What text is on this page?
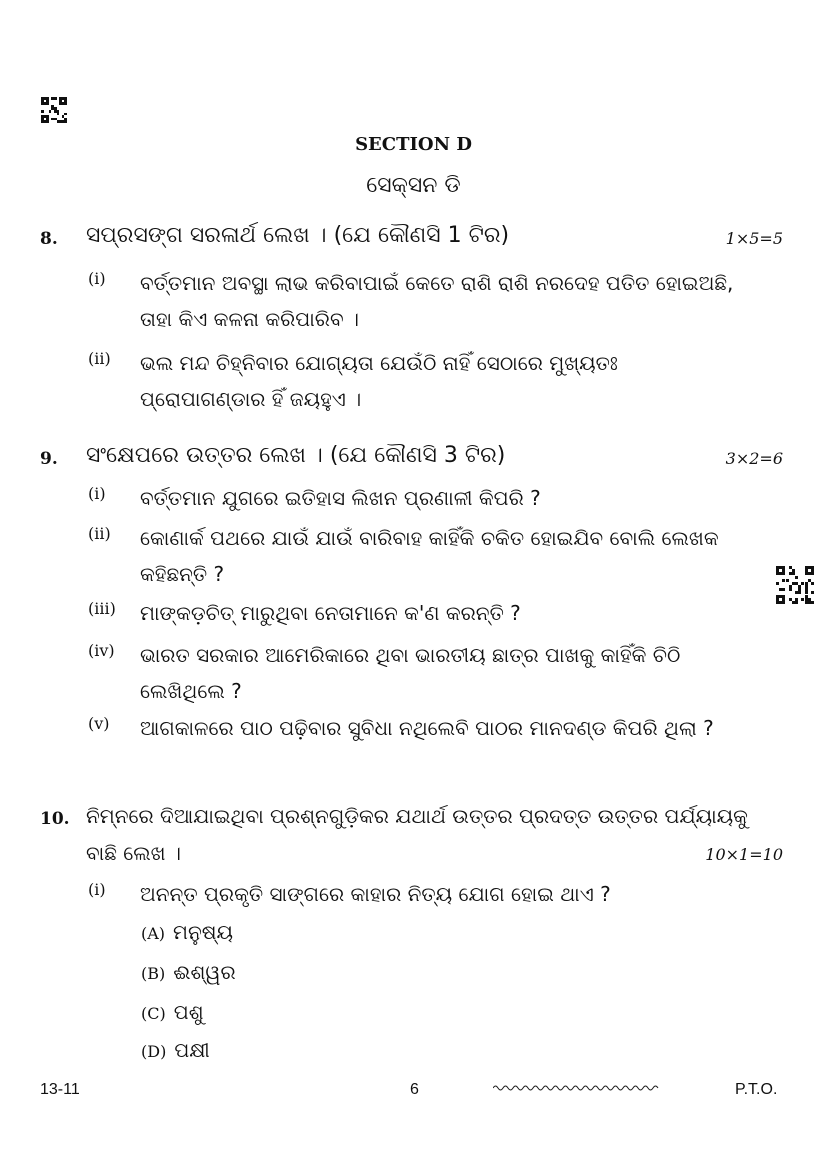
SECTION D
ସେକ୍ସନ ଡି
8. ସପ୍ରସଙ୍ଗ ସରଳାର୍ଥ ଲେଖ । (ଯେ କୌଣସି 1 ଟିର)	1×5=5
(i) ବର୍ତ୍ତମାନ ଅବସ୍ଥା ଲାଭ କରିବାପାଇଁ କେତେ ରାଶି ରାଶି ନରଦେହ ପତିତ ହୋଇଅଛି, ତାହା କିଏ କଳନା କରିପାରିବ ।
(ii) ଭଲ ମନ୍ଦ ଚିହ୍ନିବାର ଯୋଗ୍ୟତା ଯେଉଁଠି ନାହିଁ ସେଠାରେ ମୁଖ୍ୟତଃ ପ୍ରୋପାଗଣ୍ଡାର ହିଁ ଜୟହୁଏ ।
9. ସଂକ୍ଷେପରେ ଉତ୍ତର ଲେଖ । (ଯେ କୌଣସି 3 ଟିର)	3×2=6
(i) ବର୍ତ୍ତମାନ ଯୁଗରେ ଇତିହାସ ଲିଖନ ପ୍ରଣାଳୀ କିପରି ?
(ii) କୋଣାର୍କ ପଥରେ ଯାଉଁ ଯାଉଁ ବାରିବାହ କାହିଁକି ଚକିତ ହୋଇଯିବ ବୋଲି ଲେଖକ କହିଛନ୍ତି ?
(iii) ମାଙ୍କଡ଼ଚିତ୍ ମାରୁଥିବା ନେତାମାନେ କ'ଣ କରନ୍ତି ?
(iv) ଭାରତ ସରକାର ଆମେରିକାରେ ଥିବା ଭାରତୀୟ ଛାତ୍ର ପାଖକୁ କାହିଁକି ଚିଠି ଲେଖିଥିଲେ ?
(v) ଆଗକାଳରେ ପାଠ ପଢ଼ିବାର ସୁବିଧା ନଥିଲେବି ପାଠର ମାନଦଣ୍ଡ କିପରି ଥିଲା ?
10. ନିମ୍ନରେ ଦିଆଯାଇଥିବା ପ୍ରଶ୍ନଗୁଡ଼ିକର ଯଥାର୍ଥ ଉତ୍ତର ପ୍ରଦତ୍ତ ଉତ୍ତର ପର୍ଯ୍ୟାୟକୁ
ବାଛି ଲେଖ ।	10×1=10
(i) ଅନନ୍ତ ପ୍ରକୃତି ସାଙ୍ଗରେ କାହାର ନିତ୍ୟ ଯୋଗ ହୋଇ ଥାଏ ?
(A) ମନୁଷ୍ୟ
(B) ଈଶ୍ୱର
(C) ପଶୁ
(D) ପକ୍ଷୀ
13-11	6	P.T.O.
